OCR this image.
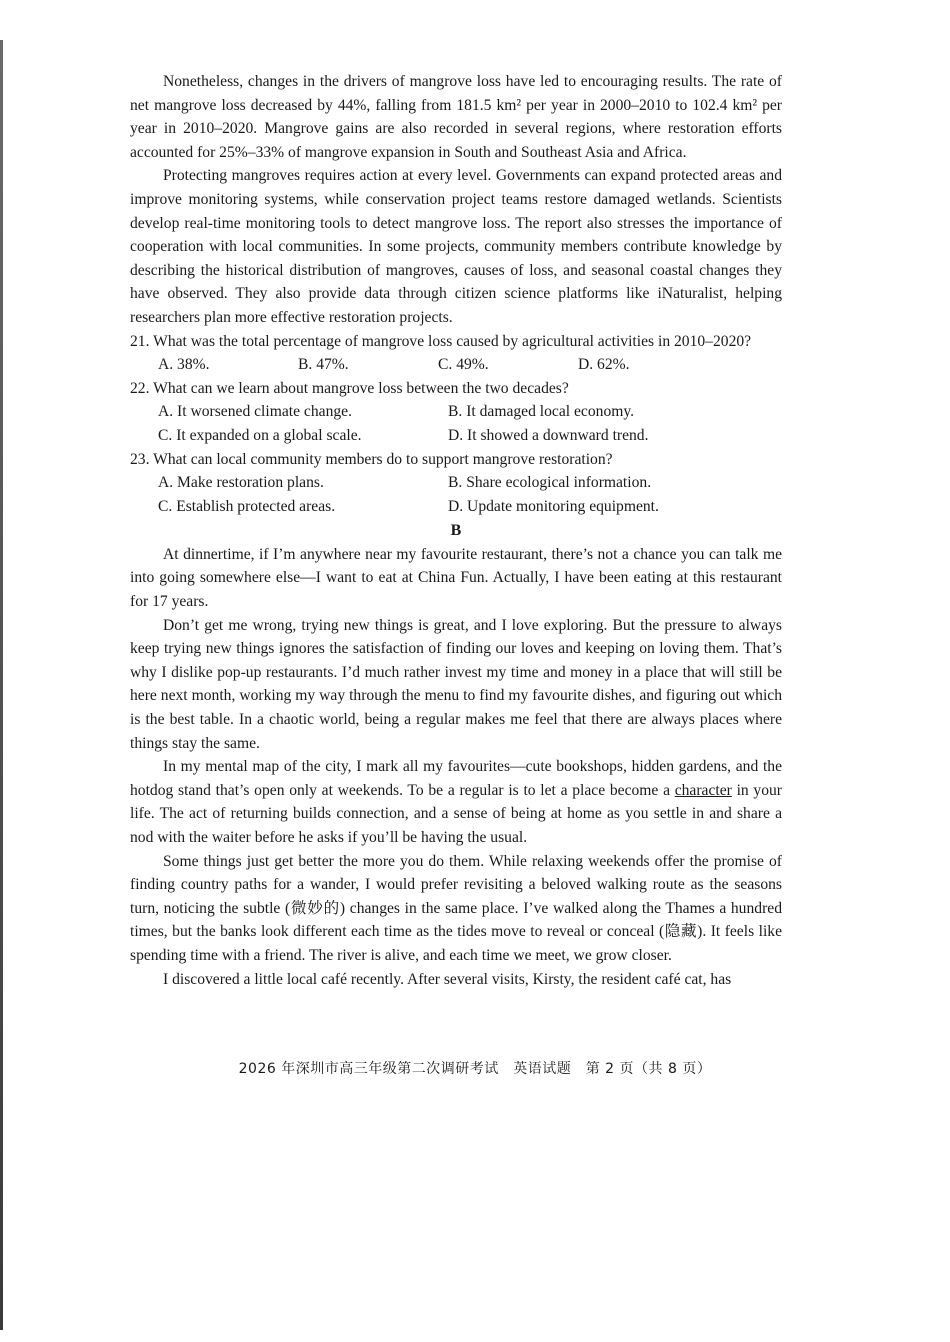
Nonetheless, changes in the drivers of mangrove loss have led to encouraging results. The rate of net mangrove loss decreased by 44%, falling from 181.5 km² per year in 2000–2010 to 102.4 km² per year in 2010–2020. Mangrove gains are also recorded in several regions, where restoration efforts accounted for 25%–33% of mangrove expansion in South and Southeast Asia and Africa.

Protecting mangroves requires action at every level. Governments can expand protected areas and improve monitoring systems, while conservation project teams restore damaged wetlands. Scientists develop real-time monitoring tools to detect mangrove loss. The report also stresses the importance of cooperation with local communities. In some projects, community members contribute knowledge by describing the historical distribution of mangroves, causes of loss, and seasonal coastal changes they have observed. They also provide data through citizen science platforms like iNaturalist, helping researchers plan more effective restoration projects.

21. What was the total percentage of mangrove loss caused by agricultural activities in 2010–2020?

A. 38%.	B. 47%.	C. 49%.	D. 62%.

22. What can we learn about mangrove loss between the two decades?

A. It worsened climate change.	B. It damaged local economy.
C. It expanded on a global scale.	D. It showed a downward trend.

23. What can local community members do to support mangrove restoration?

A. Make restoration plans.	B. Share ecological information.
C. Establish protected areas.	D. Update monitoring equipment.
B

At dinnertime, if I’m anywhere near my favourite restaurant, there’s not a chance you can talk me into going somewhere else—I want to eat at China Fun. Actually, I have been eating at this restaurant for 17 years.

Don’t get me wrong, trying new things is great, and I love exploring. But the pressure to always keep trying new things ignores the satisfaction of finding our loves and keeping on loving them. That’s why I dislike pop-up restaurants. I’d much rather invest my time and money in a place that will still be here next month, working my way through the menu to find my favourite dishes, and figuring out which is the best table. In a chaotic world, being a regular makes me feel that there are always places where things stay the same.

In my mental map of the city, I mark all my favourites—cute bookshops, hidden gardens, and the hotdog stand that’s open only at weekends. To be a regular is to let a place become a character in your life. The act of returning builds connection, and a sense of being at home as you settle in and share a nod with the waiter before he asks if you’ll be having the usual.

Some things just get better the more you do them. While relaxing weekends offer the promise of finding country paths for a wander, I would prefer revisiting a beloved walking route as the seasons turn, noticing the subtle (微妙的) changes in the same place. I’ve walked along the Thames a hundred times, but the banks look different each time as the tides move to reveal or conceal (隐藏). It feels like spending time with a friend. The river is alive, and each time we meet, we grow closer.

I discovered a little local café recently. After several visits, Kirsty, the resident café cat, has

2026 年深圳市高三年级第二次调研考试　英语试题　第 2 页（共 8 页）
